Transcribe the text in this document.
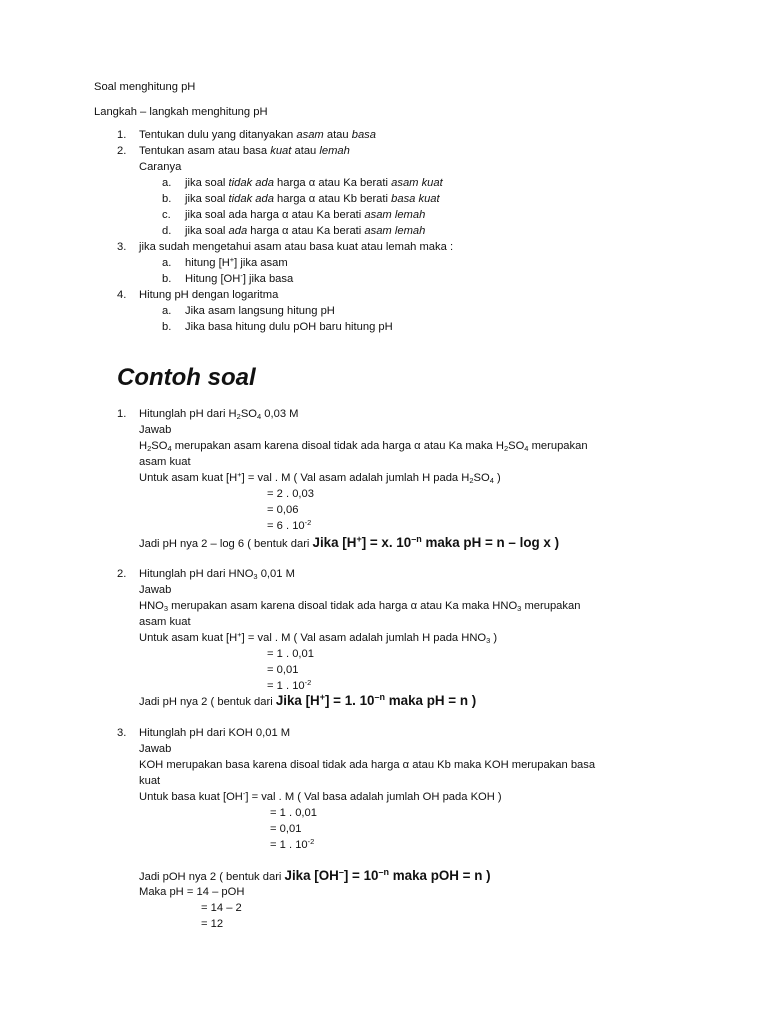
Soal menghitung pH
Langkah – langkah menghitung pH
1. Tentukan dulu yang ditanyakan asam atau basa
2. Tentukan asam atau basa kuat atau lemah
Caranya
a. jika soal tidak ada harga α atau Ka berati asam kuat
b. jika soal tidak ada harga α atau Kb berati basa kuat
c. jika soal ada harga α atau Ka berati asam lemah
d. jika soal ada harga α atau Ka berati asam lemah
3. jika sudah mengetahui asam atau basa kuat atau lemah maka :
a. hitung [H+] jika asam
b. Hitung [OH-] jika basa
4. Hitung pH dengan logaritma
a. Jika asam langsung hitung pH
b. Jika basa hitung dulu pOH baru hitung pH
Contoh soal
1. Hitunglah pH dari $H_2SO_4$ 0,03 M
Jawab
$H_2SO_4$ merupakan asam karena disoal tidak ada harga α atau Ka maka $H_2SO_4$ merupakan
asam kuat
Untuk asam kuat [H+] = val . M ( Val asam adalah jumlah H pada $H_2SO_4$ )
= 2 . 0,03
= 0,06
= 6 . $10^{-2}$
Jadi pH nya 2 – log 6 ( bentuk dari Jika [H+] = x. $10^{-n}$ maka pH = n – log x )
2. Hitunglah pH dari $HNO_3$ 0,01 M
Jawab
$HNO_3$ merupakan asam karena disoal tidak ada harga α atau Ka maka $HNO_3$ merupakan
asam kuat
Untuk asam kuat [H+] = val . M ( Val asam adalah jumlah H pada $HNO_3$ )
= 1 . 0,01
= 0,01
= 1 . $10^{-2}$
Jadi pH nya 2 ( bentuk dari Jika [H+] = 1. $10^{-n}$ maka pH = n )
3. Hitunglah pH dari KOH 0,01 M
Jawab
KOH merupakan basa karena disoal tidak ada harga α atau Kb maka KOH merupakan basa
kuat
Untuk basa kuat [OH-] = val . M ( Val basa adalah jumlah OH pada KOH )
= 1 . 0,01
= 0,01
= 1 . $10^{-2}$
Jadi pOH nya 2 ( bentuk dari Jika $[OH^-] = 10^{-n}$ maka pOH = n )
Maka pH = 14 – pOH
= 14 – 2
= 12
